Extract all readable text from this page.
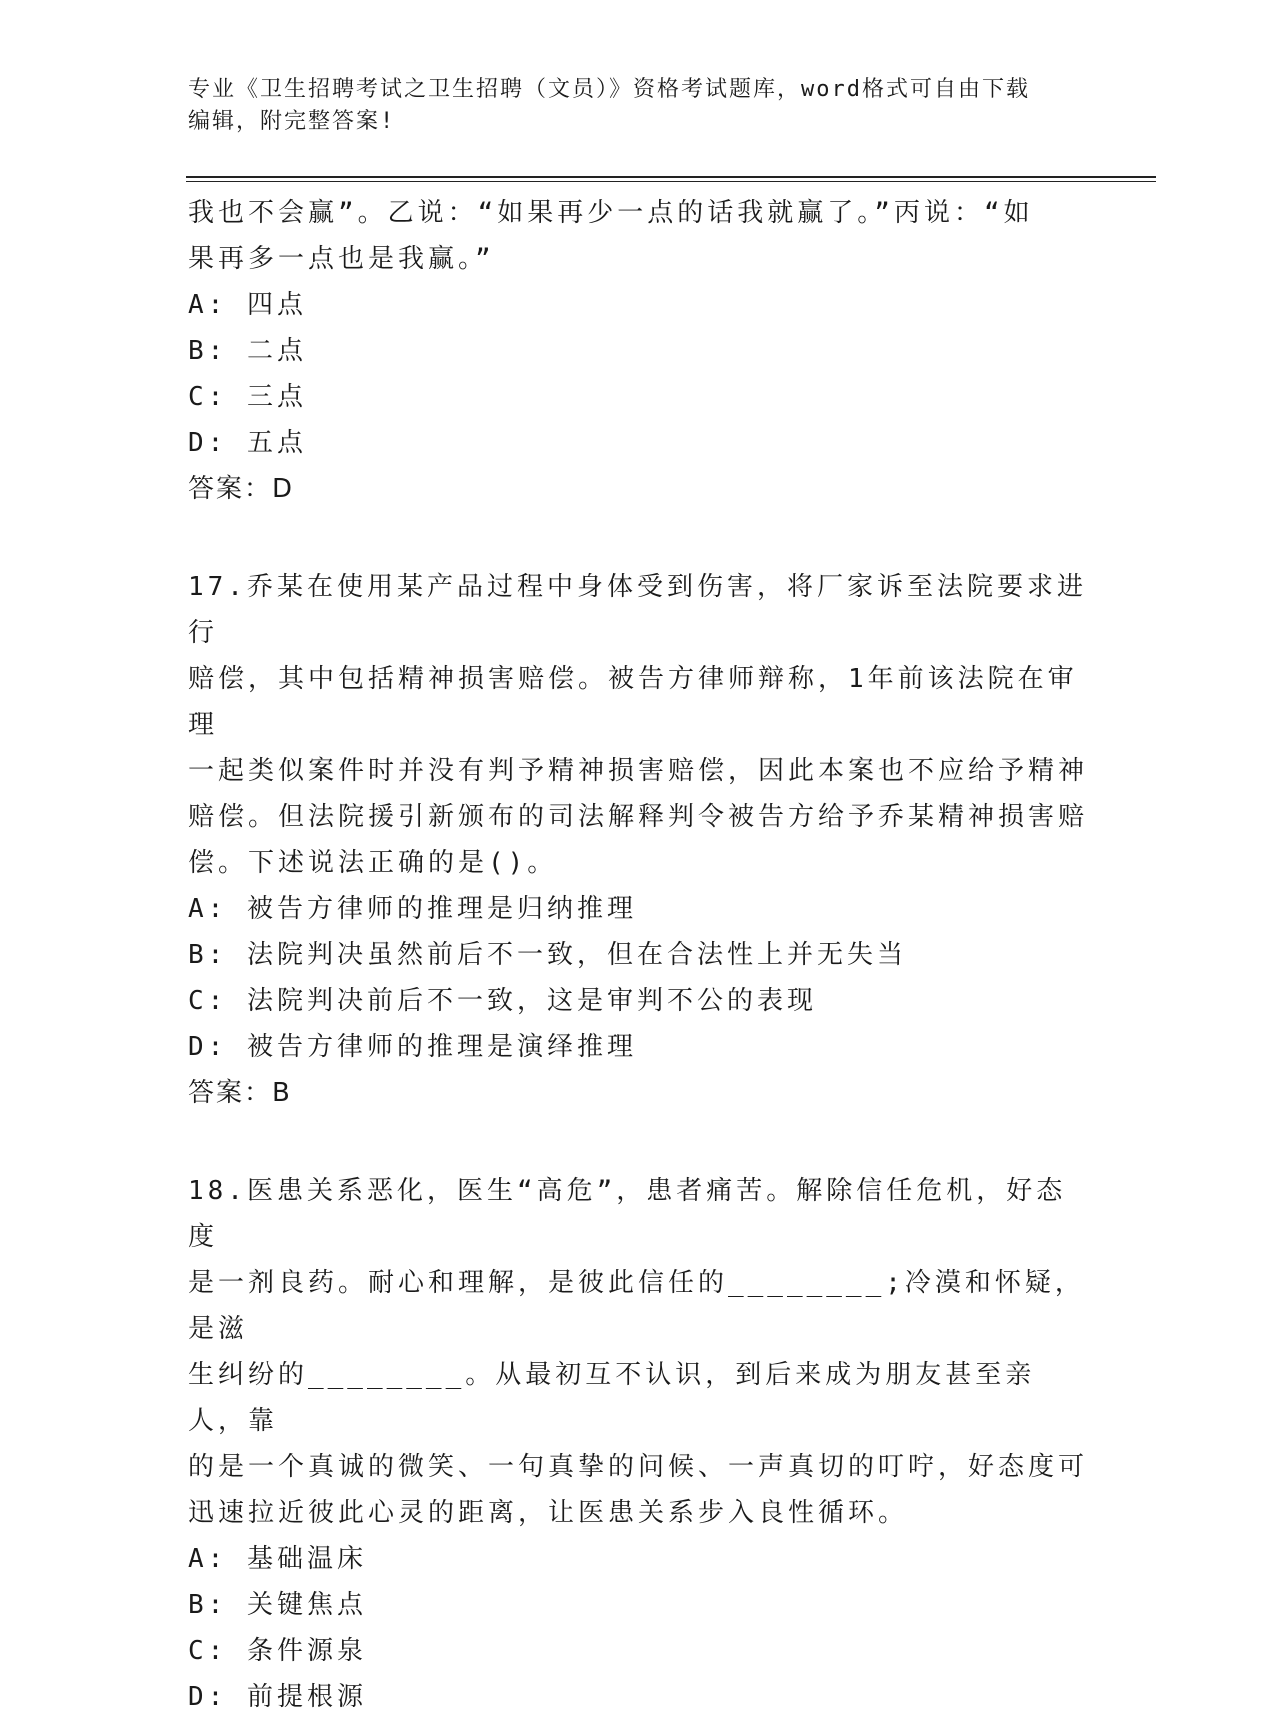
专业《卫生招聘考试之卫生招聘（文员）》资格考试题库，word格式可自由下载
编辑，附完整答案!

我也不会赢”。乙说：“如果再少一点的话我就赢了。”丙说：“如

果再多一点也是我赢。”

A: 四点

B: 二点

C: 三点

D: 五点

答案：D

17.乔某在使用某产品过程中身体受到伤害，将厂家诉至法院要求进行

赔偿，其中包括精神损害赔偿。被告方律师辩称，1年前该法院在审理

一起类似案件时并没有判予精神损害赔偿，因此本案也不应给予精神

赔偿。但法院援引新颁布的司法解释判令被告方给予乔某精神损害赔

偿。下述说法正确的是()。

A: 被告方律师的推理是归纳推理

B: 法院判决虽然前后不一致，但在合法性上并无失当

C: 法院判决前后不一致，这是审判不公的表现

D: 被告方律师的推理是演绎推理

答案：B

18.医患关系恶化，医生“高危”，患者痛苦。解除信任危机，好态度

是一剂良药。耐心和理解，是彼此信任的________;冷漠和怀疑，是滋

生纠纷的________。从最初互不认识，到后来成为朋友甚至亲人，靠

的是一个真诚的微笑、一句真挚的问候、一声真切的叮咛，好态度可

迅速拉近彼此心灵的距离，让医患关系步入良性循环。

A: 基础温床

B: 关键焦点

C: 条件源泉

D: 前提根源
